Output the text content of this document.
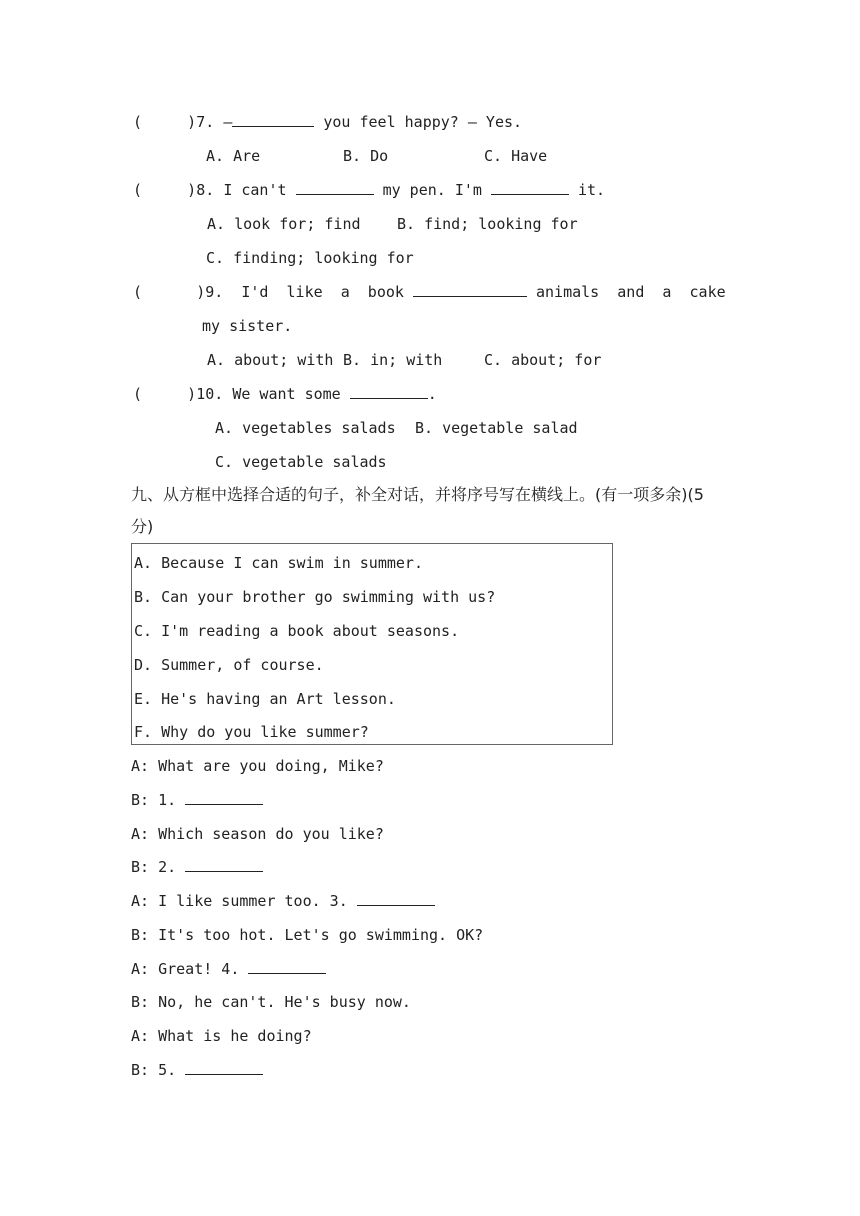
(     )7. —	you feel happy? — Yes.
A. Are	B. Do	C. Have
(     )8. I can't	my pen. I'm	it.
A. look for; find B. find; looking for
C. finding; looking for
(      )9. I'd  like  a  book	animals  and  a  cake
my sister.
A. about; with B. in; with	C. about; for
(     )10. We want some	.
A. vegetables salads B. vegetable salad
C. vegetable salads
九、从方框中选择合适的句子，补全对话，并将序号写在横线上。(有一项多余)(5
分)
A. Because I can swim in summer.
B. Can your brother go swimming with us?
C. I'm reading a book about seasons.
D. Summer, of course.
E. He's having an Art lesson.
F. Why do you like summer?
A: What are you doing, Mike?
B: 1.
A: Which season do you like?
B: 2.
A: I like summer too. 3.
B: It's too hot. Let's go swimming. OK?
A: Great! 4.
B: No, he can't. He's busy now.
A: What is he doing?
B: 5.
